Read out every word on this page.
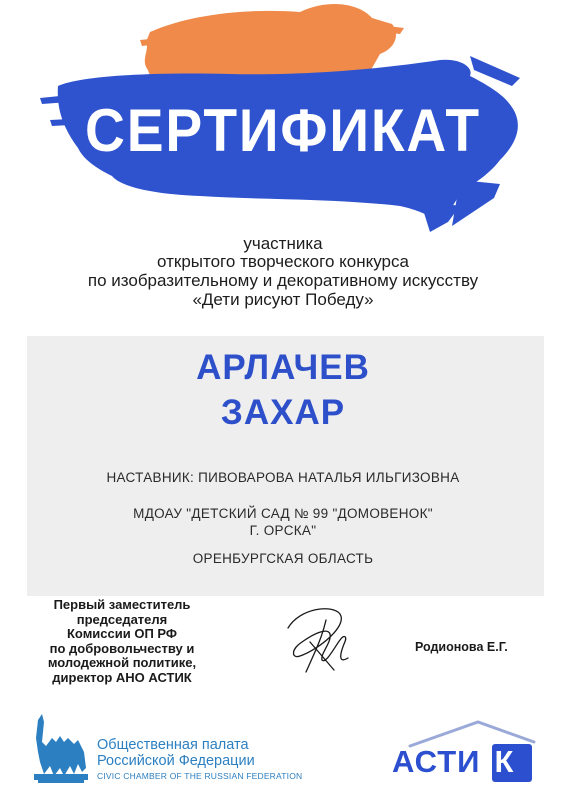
СЕРТИФИКАТ
участника
открытого творческого конкурса
по изобразительному и декоративному искусству
«Дети рисуют Победу»
АРЛАЧЕВ
ЗАХАР
НАСТАВНИК: ПИВОВАРОВА НАТАЛЬЯ ИЛЬГИЗОВНА
МДОАУ "ДЕТСКИЙ САД № 99 "ДОМОВЕНОК"
Г. ОРСКА"
ОРЕНБУРГСКАЯ ОБЛАСТЬ
Первый заместитель
председателя
Комиссии ОП РФ
по добровольчеству и
молодежной политике,
директор АНО АСТИК
Родионова Е.Г.
Общественная палата
Российской Федерации
CIVIC CHAMBER OF THE RUSSIAN FEDERATION	АСТИ К
